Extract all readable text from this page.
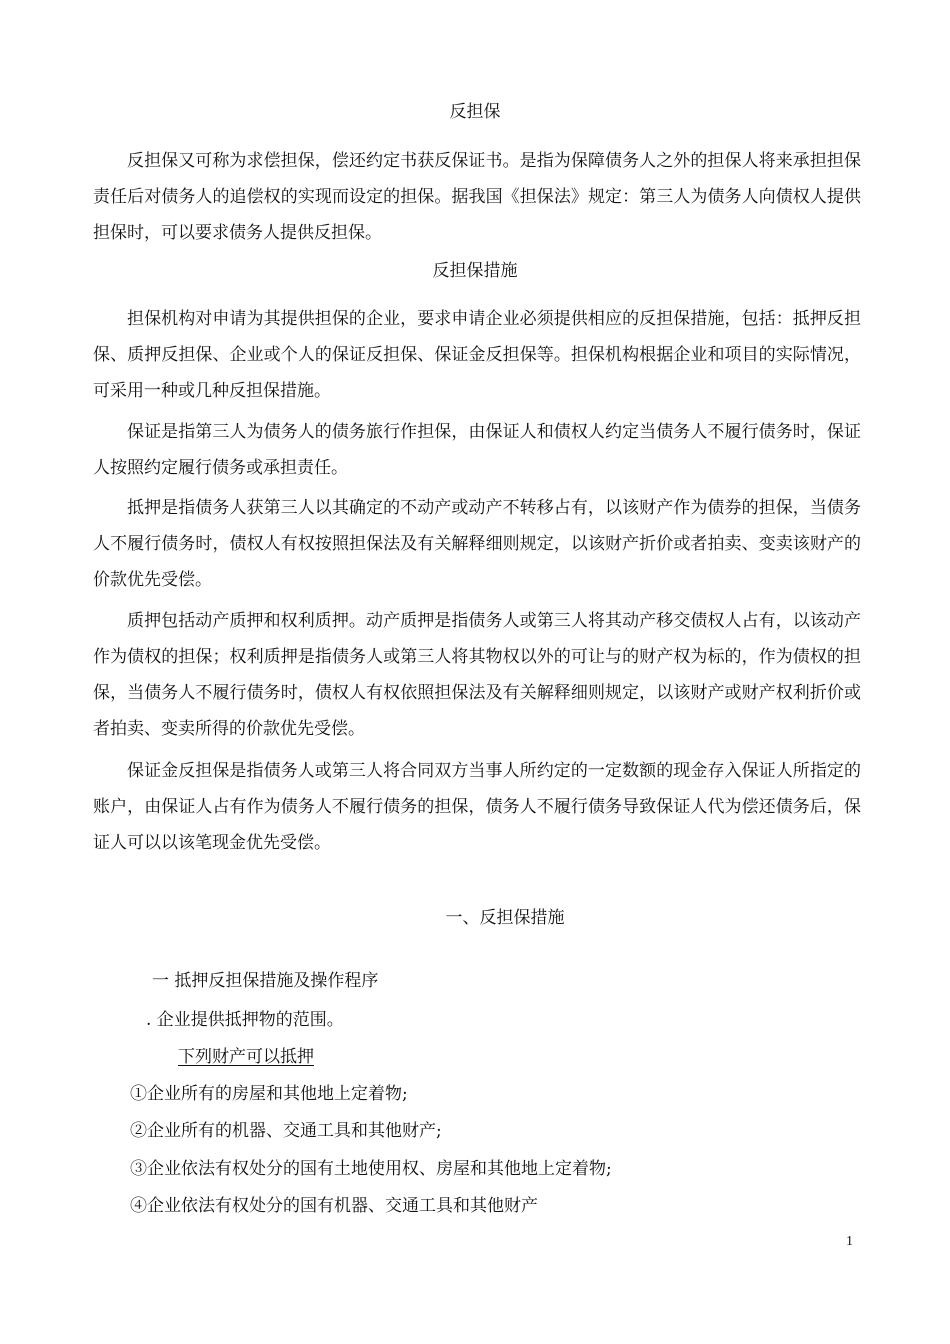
反担保

反担保又可称为求偿担保，偿还约定书获反保证书。是指为保障债务人之外的担保人将来承担担保责任后对债务人的追偿权的实现而设定的担保。据我国《担保法》规定：第三人为债务人向债权人提供担保时，可以要求债务人提供反担保。

反担保措施

担保机构对申请为其提供担保的企业，要求申请企业必须提供相应的反担保措施，包括：抵押反担保、质押反担保、企业或个人的保证反担保、保证金反担保等。担保机构根据企业和项目的实际情况，可采用一种或几种反担保措施。

保证是指第三人为债务人的债务旅行作担保，由保证人和债权人约定当债务人不履行债务时，保证人按照约定履行债务或承担责任。

抵押是指债务人获第三人以其确定的不动产或动产不转移占有，以该财产作为债券的担保，当债务人不履行债务时，债权人有权按照担保法及有关解释细则规定，以该财产折价或者拍卖、变卖该财产的价款优先受偿。

质押包括动产质押和权利质押。动产质押是指债务人或第三人将其动产移交债权人占有，以该动产作为债权的担保；权利质押是指债务人或第三人将其物权以外的可让与的财产权为标的，作为债权的担保，当债务人不履行债务时，债权人有权依照担保法及有关解释细则规定，以该财产或财产权利折价或者拍卖、变卖所得的价款优先受偿。

保证金反担保是指债务人或第三人将合同双方当事人所约定的一定数额的现金存入保证人所指定的账户，由保证人占有作为债务人不履行债务的担保，债务人不履行债务导致保证人代为偿还债务后，保证人可以以该笔现金优先受偿。

一、反担保措施
一 抵押反担保措施及操作程序
. 企业提供抵押物的范围。
下列财产可以抵押
①企业所有的房屋和其他地上定着物;
②企业所有的机器、交通工具和其他财产;
③企业依法有权处分的国有土地使用权、房屋和其他地上定着物;
④企业依法有权处分的国有机器、交通工具和其他财产
1
